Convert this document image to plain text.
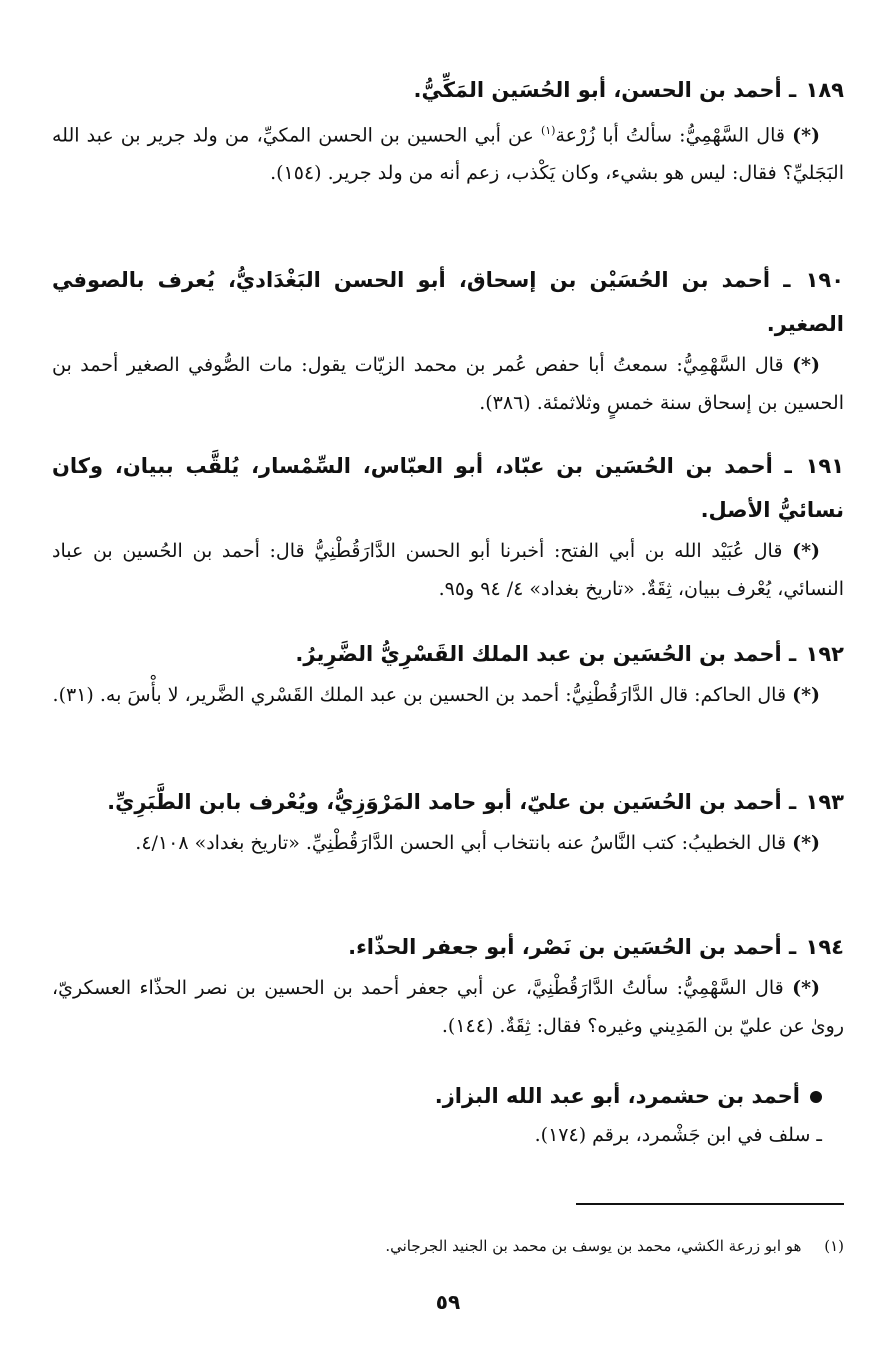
١٨٩ ـ أحمد بن الحسن، أبو الحُسَين المَكِّيُّ.
(*) قال السَّهْمِيُّ: سألتُ أبا زُرْعة$^{(١)}$ عن أبي الحسين بن الحسن المكيِّ، من ولد جرير بن عبد الله البَجَليِّ؟ فقال: ليس هو بشيء، وكان يَكْذب، زعم أنه من ولد جرير. (١٥٤).
١٩٠ ـ أحمد بن الحُسَيْن بن إسحاق، أبو الحسن البَغْدَاديُّ، يُعرف بالصوفي الصغير.
(*) قال السَّهْمِيُّ: سمعتُ أبا حفص عُمر بن محمد الزيّات يقول: مات الصُّوفي الصغير أحمد بن الحسين بن إسحاق سنة خمسٍ وثلاثمئة. (٣٨٦).
١٩١ ـ أحمد بن الحُسَين بن عبّاد، أبو العبّاس، السِّمْسار، يُلقَّب ببيان، وكان نسائيُّ الأصل.
(*) قال عُبَيْد الله بن أبي الفتح: أخبرنا أبو الحسن الدَّارَقُطْنِيُّ قال: أحمد بن الحُسين بن عباد النسائي، يُعْرف ببيان، ثِقَةٌ. «تاريخ بغداد» ٤/ ٩٤ و٩٥.
١٩٢ ـ أحمد بن الحُسَين بن عبد الملك القَسْرِيُّ الضَّرِيرُ.
(*) قال الحاكم: قال الدَّارَقُطْنِيُّ: أحمد بن الحسين بن عبد الملك القَسْري الضَّرير، لا بأْسَ به. (٣١).
١٩٣ ـ أحمد بن الحُسَين بن عليّ، أبو حامد المَرْوَزِيُّ، ويُعْرف بابن الطَّبَرِيِّ.
(*) قال الخطيبُ: كتب النَّاسُ عنه بانتخاب أبي الحسن الدَّارَقُطْنِيِّ. «تاريخ بغداد» ٤/١٠٨.
١٩٤ ـ أحمد بن الحُسَين بن نَصْر، أبو جعفر الحذّاء.
(*) قال السَّهْمِيُّ: سألتُ الدَّارَقُطْنِيَّ، عن أبي جعفر أحمد بن الحسين بن نصر الحذّاء العسكريّ، روىٰ عن عليّ بن المَدِيني وغيره؟ فقال: ثِقَةٌ. (١٤٤).
أحمد بن حشمرد، أبو عبد الله البزاز.
ـ سلف في ابن جَشْمرد، برقم (١٧٤).
(١) هو ابو زرعة الكشي، محمد بن يوسف بن محمد بن الجنيد الجرجاني.
٥٩
